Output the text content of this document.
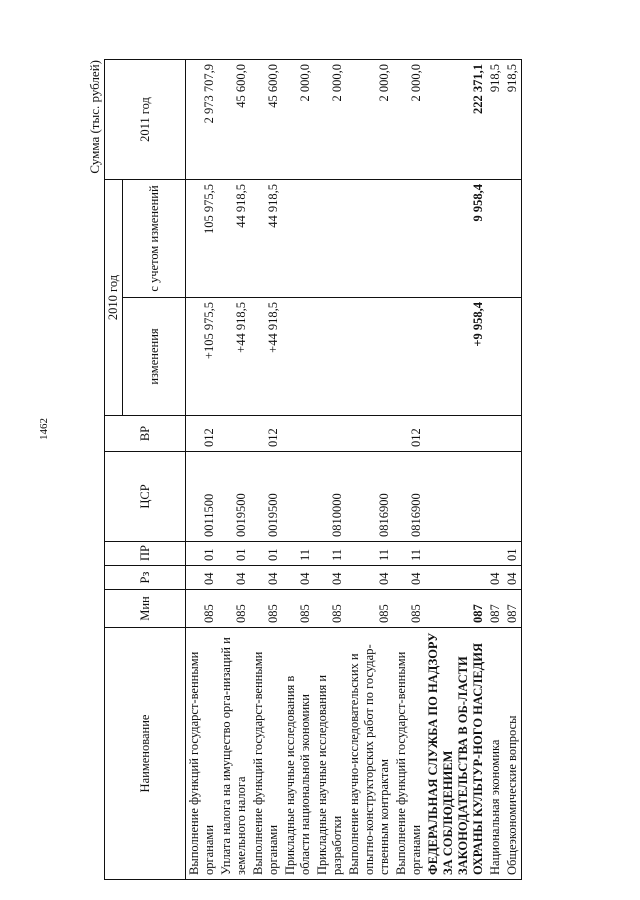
1462
Сумма (тыс. рублей)
Наименование	Мин	Рз	ПР	ЦСР	ВР	2010 год		2011 год
						изменения	с учетом изменений	
Выполнение функций государст-венными органами	085	04	01	0011500	012	+105 975,5	105 975,5	2 973 707,9
Уплата налога на имущество орга-низаций и земельного налога	085	04	01	0019500		+44 918,5	44 918,5	45 600,0
Выполнение функций государст-венными органами	085	04	01	0019500	012	+44 918,5	44 918,5	45 600,0
Прикладные научные исследования в области национальной экономики	085	04	11					2 000,0
Прикладные научные исследования и разработки	085	04	11	0810000				2 000,0
Выполнение научно-исследовательских и опытно-конструкторских работ по государ-ственным контрактам	085	04	11	0816900				2 000,0
Выполнение функций государст-венными органами	085	04	11	0816900	012			2 000,0
ФЕДЕРАЛЬНАЯ СЛУЖБА ПО НАДЗОРУ ЗА СОБЛЮДЕНИЕМ ЗАКОНОДАТЕЛЬСТВА В ОБ-ЛАСТИ ОХРАНЫ КУЛЬТУР-НОГО НАСЛЕДИЯ	087					+9 958,4	9 958,4	222 371,1
Национальная экономика	087	04						918,5
Общеэкономические вопросы	087	04	01					918,5
